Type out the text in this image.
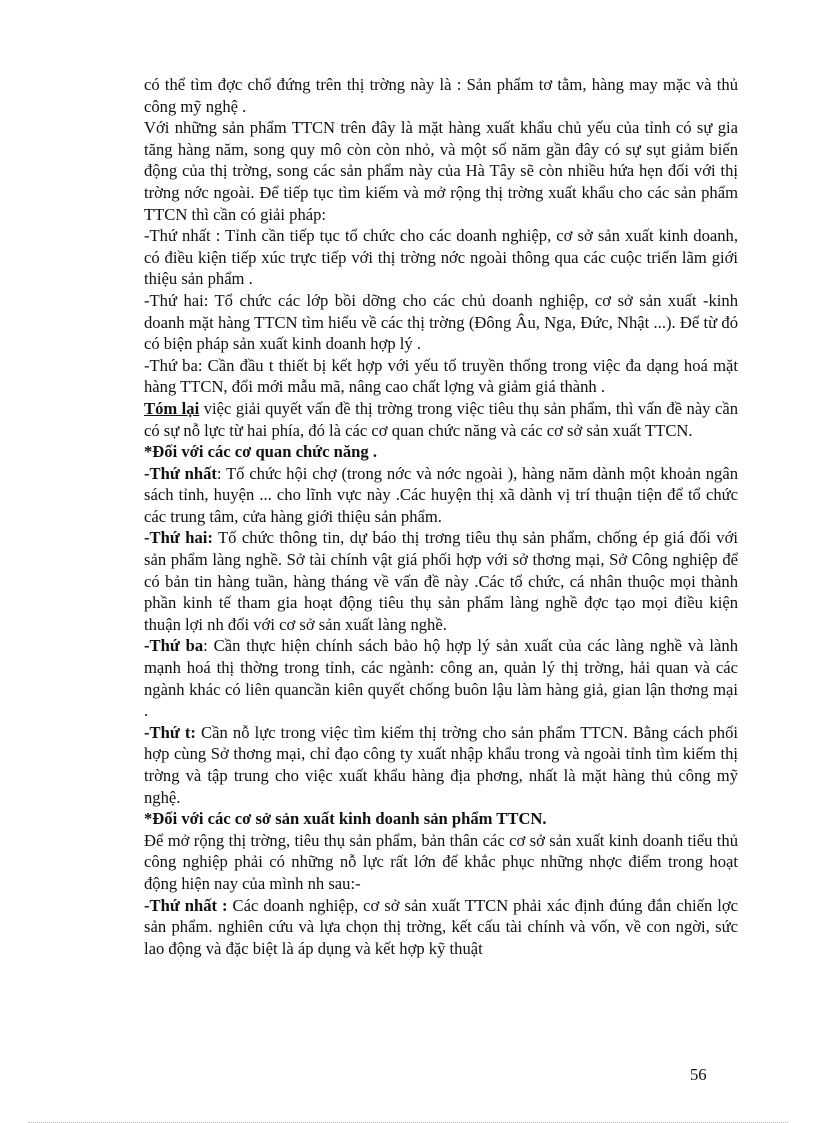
có thể tìm đợc chổ đứng trên thị trờng này là : Sản phẩm tơ tằm, hàng may mặc và thủ công mỹ nghệ .

Với những sản phẩm TTCN trên đây là mặt hàng xuất khẩu chủ yếu của tỉnh có sự gia tăng hàng năm, song quy mô còn còn nhỏ, và một số năm gần đây có sự sụt giảm biến động của thị trờng, song các sản phẩm này của Hà Tây sẽ còn nhiều hứa hẹn đối với thị trờng nớc ngoài. Để tiếp tục tìm kiếm và mở rộng thị trờng xuất khẩu cho các sản phẩm TTCN thì cần có giải pháp:

-Thứ nhất : Tỉnh cần tiếp tục tổ chức cho các doanh nghiệp, cơ sở sản xuất kinh doanh, có điều kiện tiếp xúc trực tiếp với thị trờng nớc ngoài thông qua các cuộc triển lãm giới thiệu sản phẩm .

-Thứ hai: Tổ chức các lớp bồi dỡng cho các chủ doanh nghiệp, cơ sở sản xuất -kinh doanh mặt hàng TTCN tìm hiểu về các thị trờng (Đông Âu, Nga, Đức, Nhật ...). Để từ đó có biện pháp sản xuất kinh doanh hợp lý .

-Thứ ba: Cần đầu t thiết bị kết hợp với yếu tố truyền thống trong việc đa dạng hoá mặt hàng TTCN, đổi mới mẫu mã, nâng cao chất lợng và giảm giá thành .

Tóm lại việc giải quyết vấn đề thị trờng trong việc tiêu thụ sản phẩm, thì vấn đề này cần có sự nỗ lực từ hai phía, đó là các cơ quan chức năng và các cơ sở sản xuất TTCN.

*Đối với các cơ quan chức năng .

-Thứ nhất: Tổ chức hội chợ (trong nớc và nớc ngoài ), hàng năm dành một khoản ngân sách tỉnh, huyện ... cho lĩnh vực này .Các huyện thị xã dành vị trí thuận tiện để tổ chức các trung tâm, cửa hàng giới thiệu sản phẩm.

-Thứ hai: Tổ chức thông tin, dự báo thị trơng tiêu thụ sản phẩm, chống ép giá đối với sản phẩm làng nghề. Sở tài chính vật giá phối hợp với sở thơng mại, Sở Công nghiệp để có bản tin hàng tuần, hàng tháng về vấn đề này .Các tổ chức, cá nhân thuộc mọi thành phần kinh tế tham gia hoạt động tiêu thụ sản phẩm làng nghề đợc tạo mọi điều kiện thuận lợi nh đối với cơ sở sản xuất làng nghề.

-Thứ ba: Cần thực hiện chính sách bảo hộ hợp lý sản xuất của các làng nghề và lành mạnh hoá thị thờng trong tỉnh, các ngành: công an, quản lý thị trờng, hải quan và các ngành khác có liên quancần kiên quyết chống buôn lậu làm hàng giả, gian lận thơng mại .

-Thứ t: Cần nỗ lực trong việc tìm kiếm thị trờng cho sản phẩm TTCN. Bằng cách phối hợp cùng Sở thơng mại, chỉ đạo công ty xuất nhập khẩu trong và ngoài tỉnh tìm kiếm thị trờng và tập trung cho việc xuất khẩu hàng địa phơng, nhất là mặt hàng thủ công mỹ nghệ.

*Đối với các cơ sở sản xuất kinh doanh sản phẩm TTCN.

Để mở rộng thị trờng, tiêu thụ sản phẩm, bản thân các cơ sở sản xuất kinh doanh tiểu thủ công nghiệp phải có những nỗ lực rất lớn để khắc phục những nhợc điểm trong hoạt động hiện nay của mình nh sau:-

-Thứ nhất : Các doanh nghiệp, cơ sở sản xuất TTCN phải xác định đúng đắn chiến lợc sản phẩm. nghiên cứu và lựa chọn thị trờng, kết cấu tài chính và vốn, về con ngời, sức lao động và đặc biệt là áp dụng và kết hợp kỹ thuật

56
